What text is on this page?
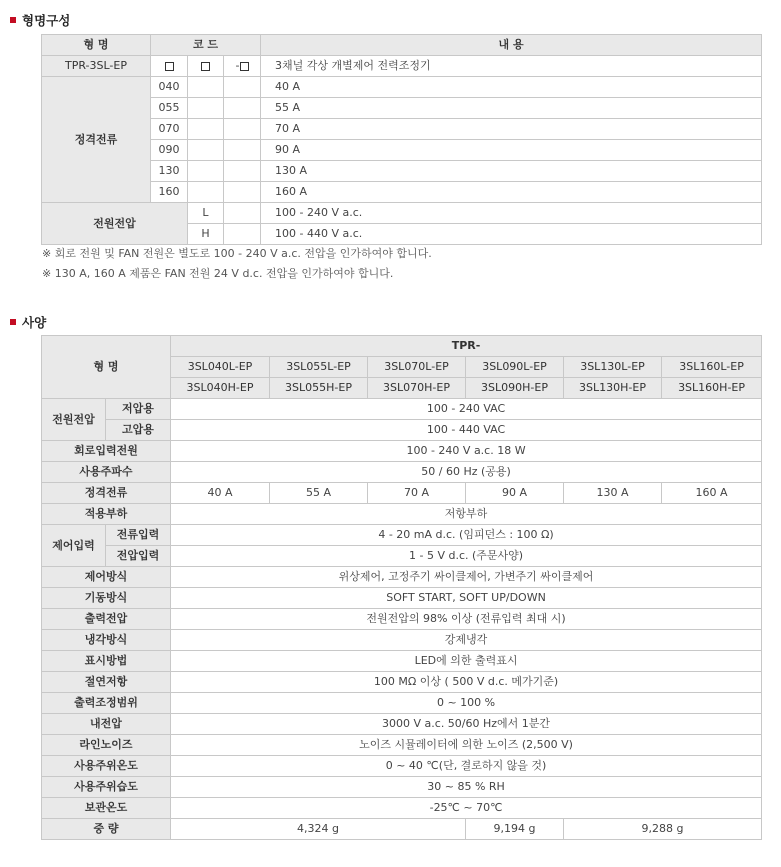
형명구성
형 명	코 드			내 용
TPR-3SL-EP			-	3채널 각상 개별제어 전력조정기
정격전류	040			40 A
	055			55 A
	070			70 A
	090			90 A
	130			130 A
	160			160 A
전원전압		L		100 - 240 V a.c.
		H		100 - 440 V a.c.
※ 회로 전원 및 FAN 전원은 별도로 100 - 240 V a.c. 전압을 인가하여야 합니다.
※ 130 A, 160 A 제품은 FAN 전원 24 V d.c. 전압을 인가하여야 합니다.
사양
형 명		TPR-					
		3SL040L-EP	3SL055L-EP	3SL070L-EP	3SL090L-EP	3SL130L-EP	3SL160L-EP
		3SL040H-EP	3SL055H-EP	3SL070H-EP	3SL090H-EP	3SL130H-EP	3SL160H-EP
전원전압	저압용	100 - 240 VAC					
	고압용	100 - 440 VAC					
회로입력전원		100 - 240 V a.c. 18 W					
사용주파수		50 / 60 Hz (공용)					
정격전류		40 A	55 A	70 A	90 A	130 A	160 A
적용부하		저항부하					
제어입력	전류입력	4 - 20 mA d.c. (임피던스 : 100 Ω)					
	전압입력	1 - 5 V d.c. (주문사양)					
제어방식		위상제어, 고정주기 싸이클제어, 가변주기 싸이클제어					
기동방식		SOFT START, SOFT UP/DOWN					
출력전압		전원전압의 98% 이상 (전류입력 최대 시)					
냉각방식		강제냉각					
표시방법		LED에 의한 출력표시					
절연저항		100 MΩ 이상 ( 500 V d.c. 메가기준)					
출력조정범위		0 ~ 100 %					
내전압		3000 V a.c. 50/60 Hz에서 1분간					
라인노이즈		노이즈 시뮬레이터에 의한 노이즈 (2,500 V)					
사용주위온도		0 ~ 40 ℃(단, 결로하지 않을 것)					
사용주위습도		30 ~ 85 % RH					
보관온도		-25℃ ~ 70℃					
중 량		4,324 g			9,194 g	9,288 g	
